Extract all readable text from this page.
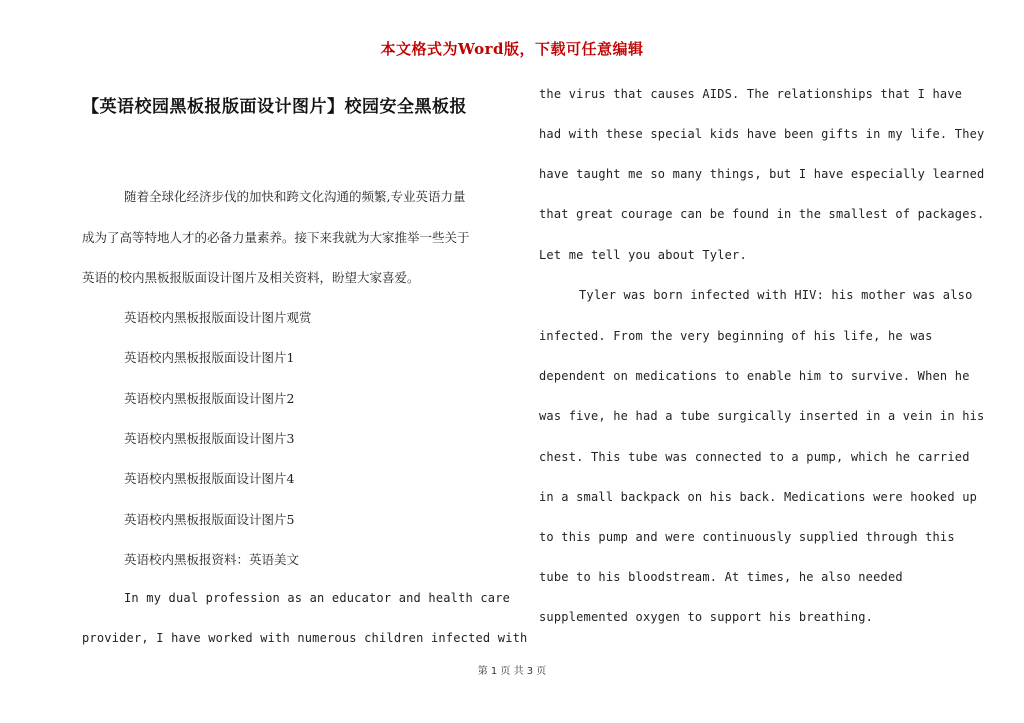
本文格式为Word版，下载可任意编辑
【英语校园黑板报版面设计图片】校园安全黑板报

随着全球化经济步伐的加快和跨文化沟通的频繁,专业英语力量

成为了高等特地人才的必备力量素养。接下来我就为大家推举一些关于

英语的校内黑板报版面设计图片及相关资料，盼望大家喜爱。

英语校内黑板报版面设计图片观赏

英语校内黑板报版面设计图片1

英语校内黑板报版面设计图片2

英语校内黑板报版面设计图片3

英语校内黑板报版面设计图片4

英语校内黑板报版面设计图片5

英语校内黑板报资料：英语美文

In my dual profession as an educator and health care

provider, I have worked with numerous children infected with

the virus that causes AIDS. The relationships that I have

had with these special kids have been gifts in my life. They

have taught me so many things, but I have especially learned

that great courage can be found in the smallest of packages.

Let me tell you about Tyler.

Tyler was born infected with HIV: his mother was also

infected. From the very beginning of his life, he was

dependent on medications to enable him to survive. When he

was five, he had a tube surgically inserted in a vein in his

chest. This tube was connected to a pump, which he carried

in a small backpack on his back. Medications were hooked up

to this pump and were continuously supplied through this

tube to his bloodstream. At times, he also needed

supplemented oxygen to support his breathing.

第 1 页 共 3 页
